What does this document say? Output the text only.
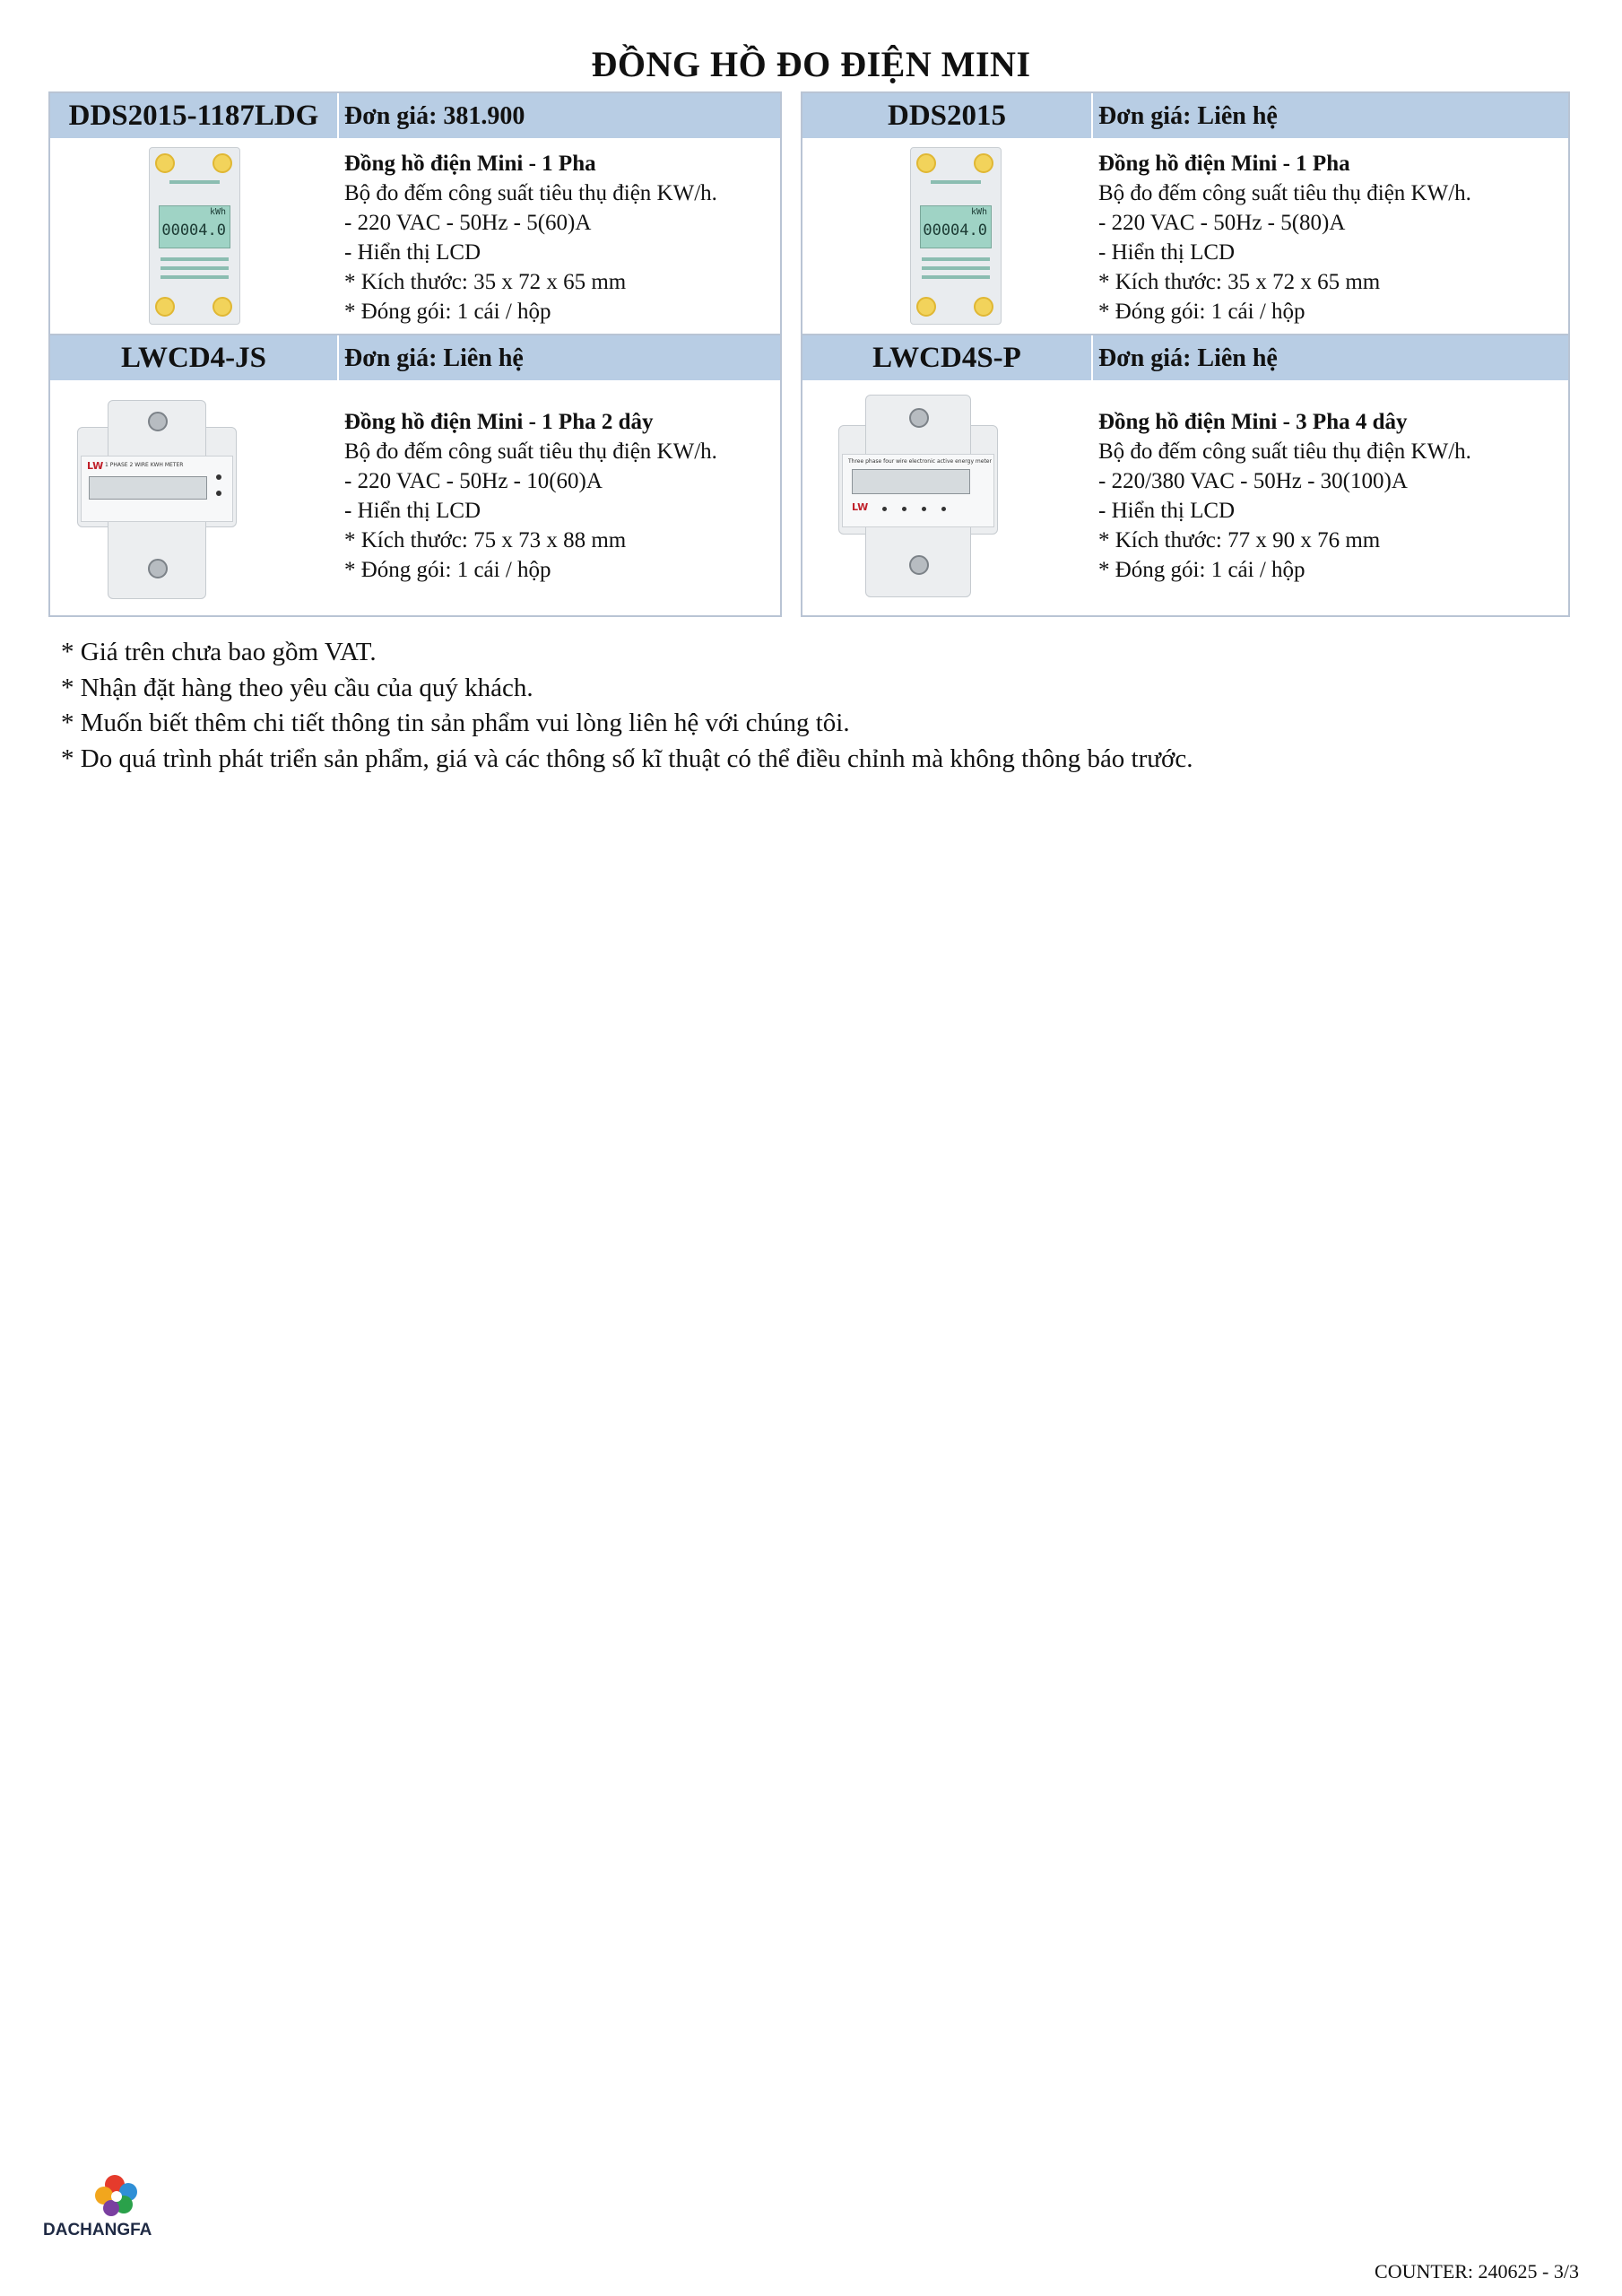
ĐỒNG HỒ ĐO ĐIỆN MINI
DDS2015-1187LDG	Đơn giá: 381.900
kWh
00004.0
Đồng hồ điện Mini - 1 Pha
Bộ đo đếm công suất tiêu thụ điện KW/h.
- 220 VAC - 50Hz - 5(60)A
- Hiển thị LCD
* Kích thước: 35 x 72 x 65 mm
* Đóng gói: 1 cái / hộp
DDS2015	Đơn giá: Liên hệ
kWh
00004.0
Đồng hồ điện Mini - 1 Pha
Bộ đo đếm công suất tiêu thụ điện KW/h.
- 220 VAC - 50Hz - 5(80)A
- Hiển thị LCD
* Kích thước: 35 x 72 x 65 mm
* Đóng gói: 1 cái / hộp
LWCD4-JS	Đơn giá: Liên hệ
LW 1 PHASE 2 WIRE KWH METER
Đồng hồ điện Mini - 1 Pha 2 dây
Bộ đo đếm công suất tiêu thụ điện KW/h.
- 220 VAC - 50Hz - 10(60)A
- Hiển thị LCD
* Kích thước: 75 x 73 x 88 mm
* Đóng gói: 1 cái / hộp
LWCD4S-P	Đơn giá: Liên hệ
Three phase four wire electronic active energy meter
LW
Đồng hồ điện Mini - 3 Pha 4 dây
Bộ đo đếm công suất tiêu thụ điện KW/h.
- 220/380 VAC - 50Hz - 30(100)A
- Hiển thị LCD
* Kích thước: 77 x 90 x 76 mm
* Đóng gói: 1 cái / hộp
* Giá trên chưa bao gồm VAT.
* Nhận đặt hàng theo yêu cầu của quý khách.
* Muốn biết thêm chi tiết thông tin sản phẩm vui lòng liên hệ với chúng tôi.
* Do quá trình phát triển sản phẩm, giá và các thông số kĩ thuật có thể điều chỉnh mà không thông báo trước.
DACHANGFA
COUNTER: 240625 - 3/3
